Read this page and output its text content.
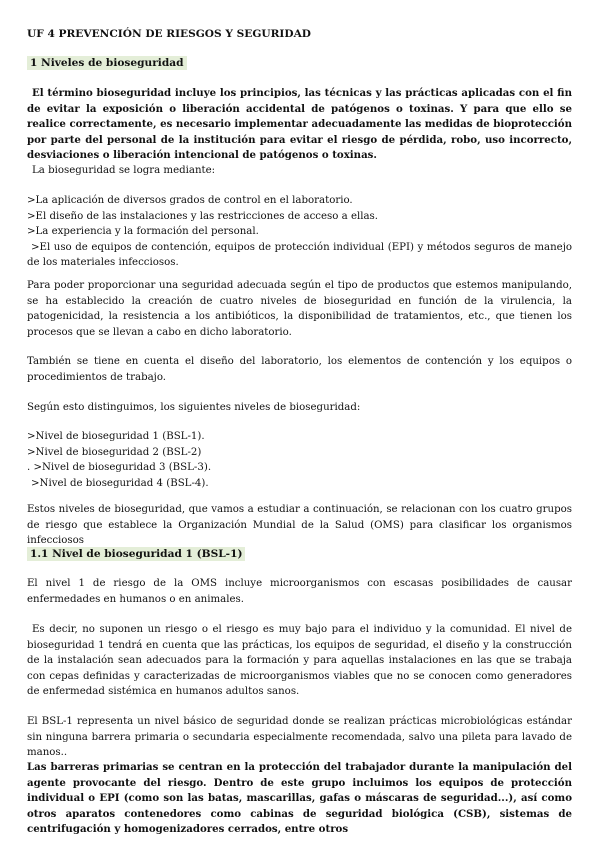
UF 4 PREVENCIÓN DE RIESGOS Y SEGURIDAD
1 Niveles de bioseguridad

El término bioseguridad incluye los principios, las técnicas y las prácticas aplicadas con el fin de evitar la exposición o liberación accidental de patógenos o toxinas. Y para que ello se realice correctamente, es necesario implementar adecuadamente las medidas de bioprotección por parte del personal de la institución para evitar el riesgo de pérdida, robo, uso incorrecto, desviaciones o liberación intencional de patógenos o toxinas.

La bioseguridad se logra mediante:

>La aplicación de diversos grados de control en el laboratorio.

>El diseño de las instalaciones y las restricciones de acceso a ellas.

>La experiencia y la formación del personal.

>El uso de equipos de contención, equipos de protección individual (EPI) y métodos seguros de manejo de los materiales infecciosos.

Para poder proporcionar una seguridad adecuada según el tipo de productos que estemos manipulando, se ha establecido la creación de cuatro niveles de bioseguridad en función de la virulencia, la patogenicidad, la resistencia a los antibióticos, la disponibilidad de tratamientos, etc., que tienen los procesos que se llevan a cabo en dicho laboratorio.

También se tiene en cuenta el diseño del laboratorio, los elementos de contención y los equipos o procedimientos de trabajo.

Según esto distinguimos, los siguientes niveles de bioseguridad:

>Nivel de bioseguridad 1 (BSL-1).

>Nivel de bioseguridad 2 (BSL-2)

. >Nivel de bioseguridad 3 (BSL-3).

>Nivel de bioseguridad 4 (BSL-4).

Estos niveles de bioseguridad, que vamos a estudiar a continuación, se relacionan con los cuatro grupos de riesgo que establece la Organización Mundial de la Salud (OMS) para clasificar los organismos infecciosos

1.1 Nivel de bioseguridad 1 (BSL-1)

El nivel 1 de riesgo de la OMS incluye microorganismos con escasas posibilidades de causar enfermedades en humanos o en animales.

Es decir, no suponen un riesgo o el riesgo es muy bajo para el individuo y la comunidad. El nivel de bioseguridad 1 tendrá en cuenta que las prácticas, los equipos de seguridad, el diseño y la construcción de la instalación sean adecuados para la formación y para aquellas instalaciones en las que se trabaja con cepas definidas y caracterizadas de microorganismos viables que no se conocen como generadores de enfermedad sistémica en humanos adultos sanos.

El BSL-1 representa un nivel básico de seguridad donde se realizan prácticas microbiológicas estándar sin ninguna barrera primaria o secundaria especialmente recomendada, salvo una pileta para lavado de manos..

Las barreras primarias se centran en la protección del trabajador durante la manipulación del agente provocante del riesgo. Dentro de este grupo incluimos los equipos de protección individual o EPI (como son las batas, mascarillas, gafas o máscaras de seguridad...), así como otros aparatos contenedores como cabinas de seguridad biológica (CSB), sistemas de centrifugación y homogenizadores cerrados, entre otros
